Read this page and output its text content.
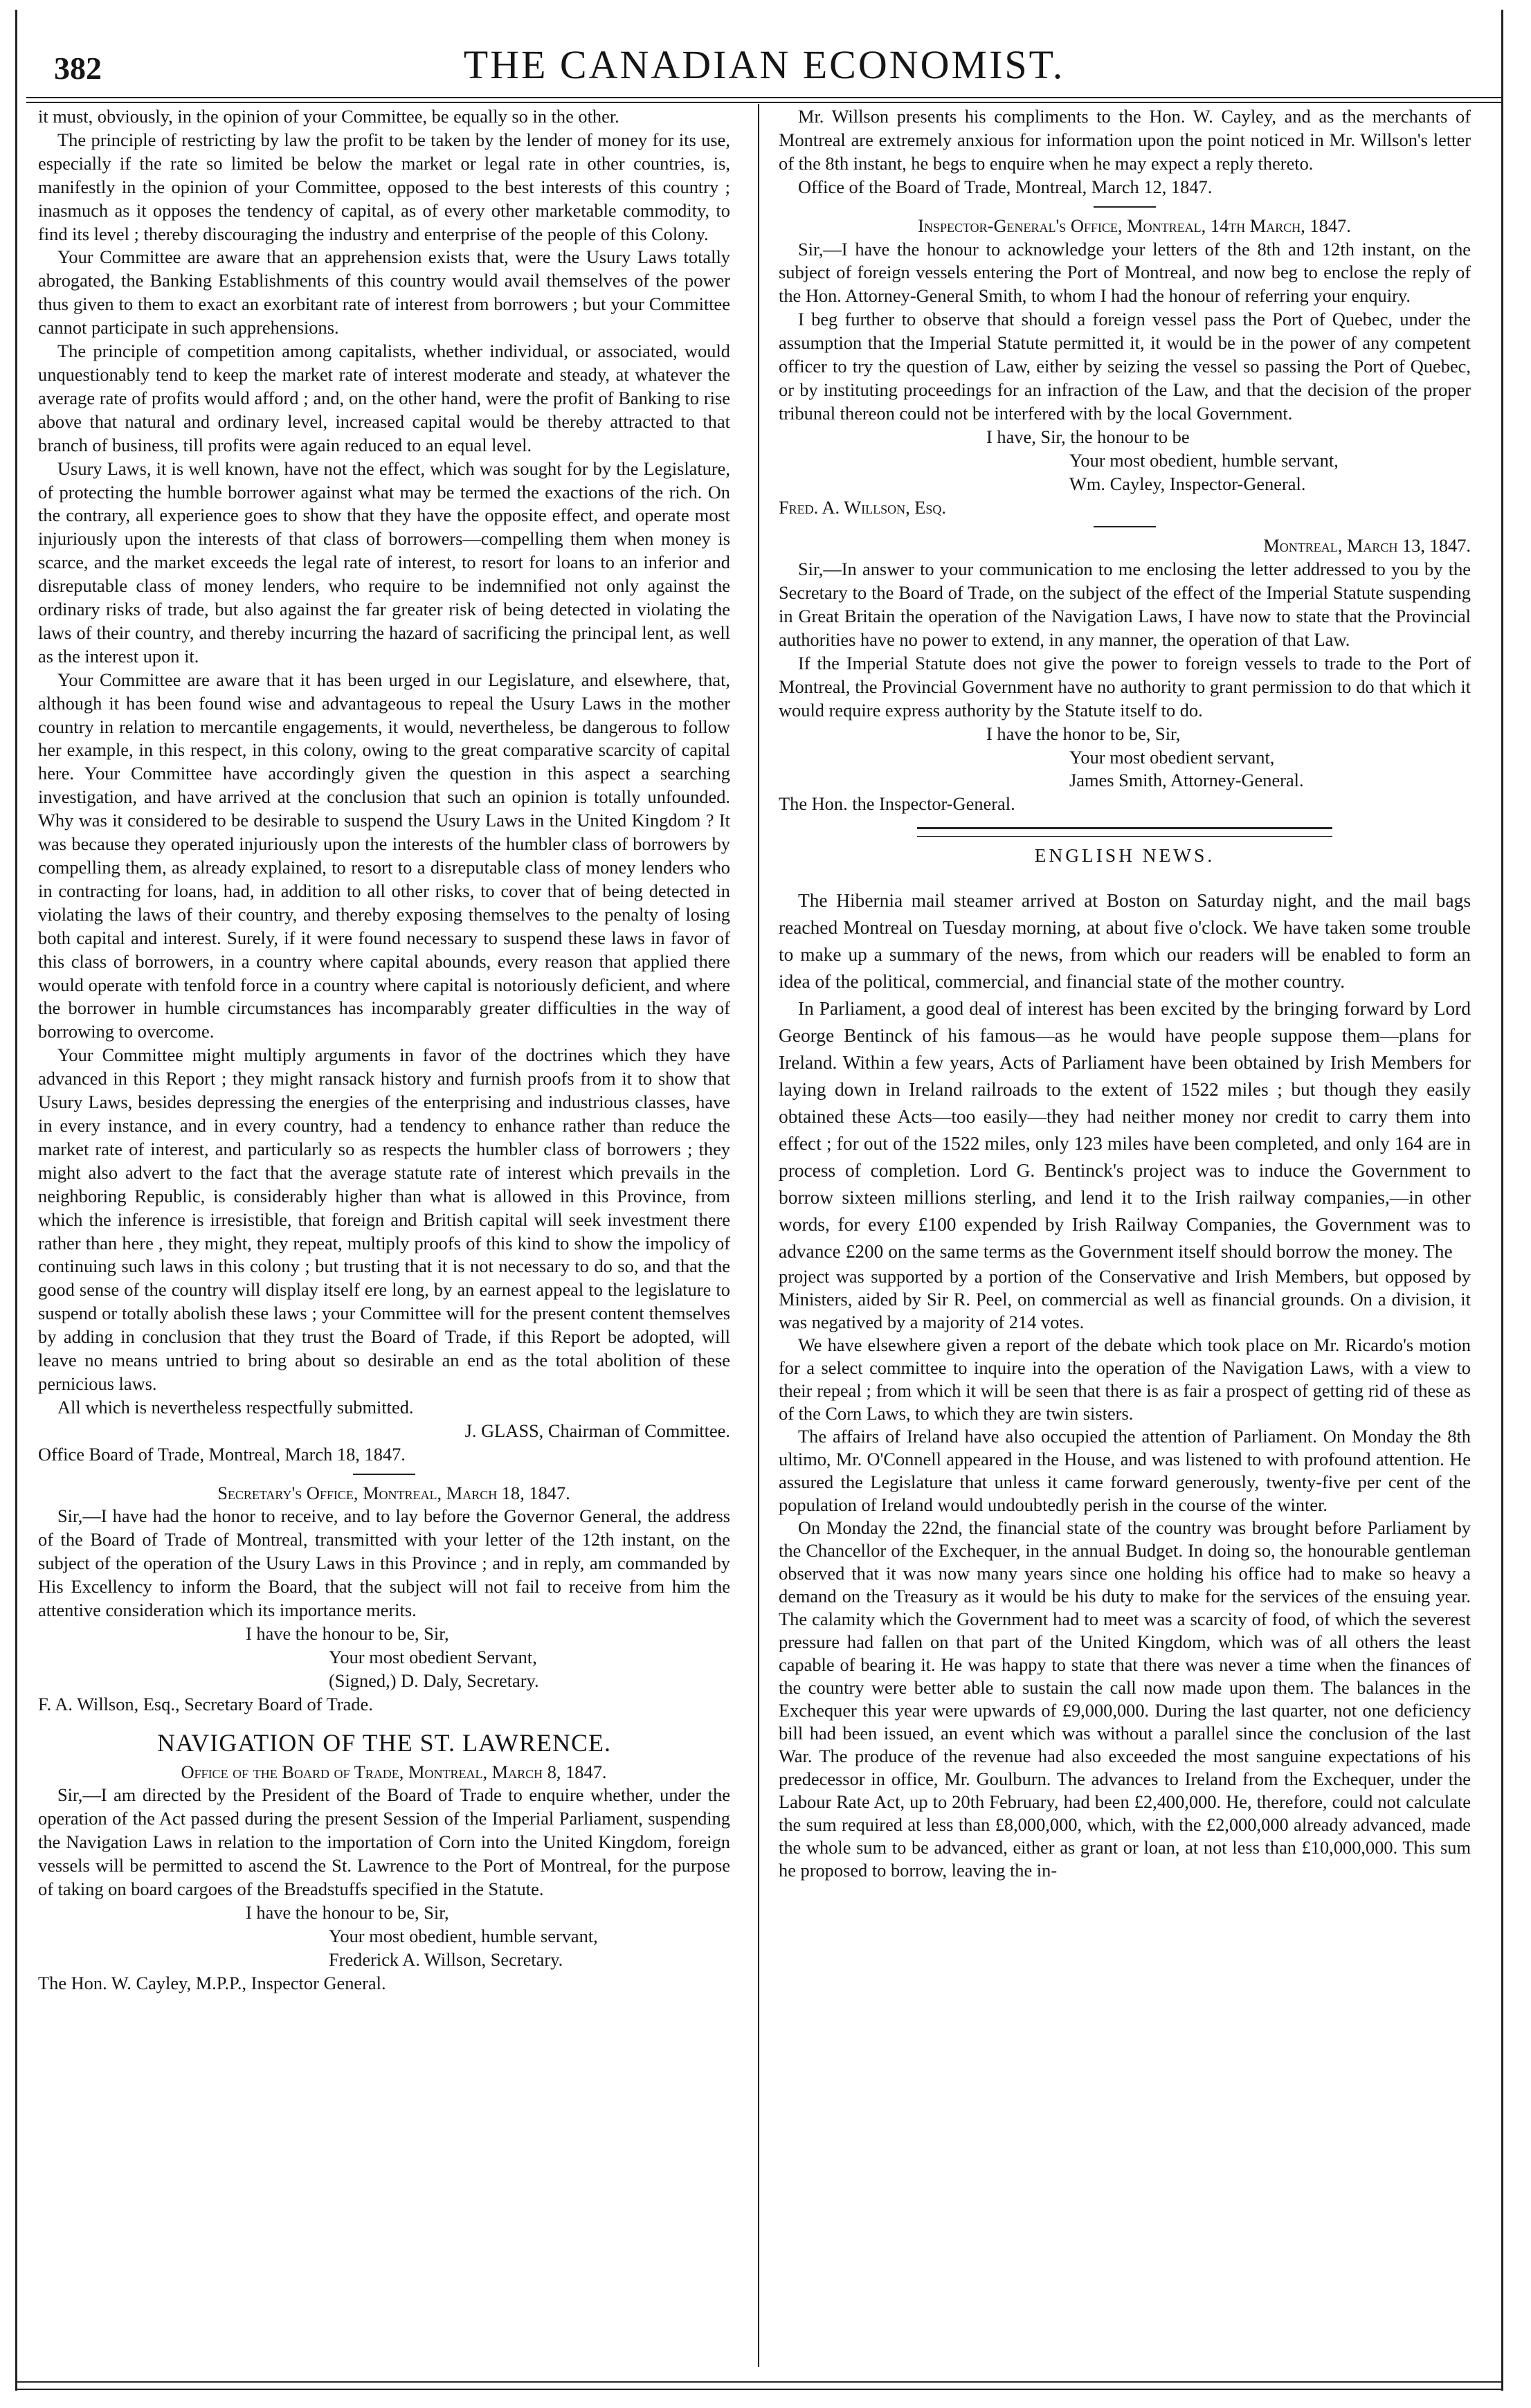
382	THE CANADIAN ECONOMIST.

it must, obviously, in the opinion of your Committee, be equally so in the other.

The principle of restricting by law the profit to be taken by the lender of money for its use, especially if the rate so limited be below the market or legal rate in other countries, is, manifestly in the opinion of your Committee, opposed to the best interests of this country ; inasmuch as it opposes the tendency of capital, as of every other marketable commodity, to find its level ; thereby discouraging the industry and enterprise of the people of this Colony.

Your Committee are aware that an apprehension exists that, were the Usury Laws totally abrogated, the Banking Establishments of this country would avail themselves of the power thus given to them to exact an exorbitant rate of interest from borrowers ; but your Committee cannot participate in such apprehensions.

The principle of competition among capitalists, whether individual, or associated, would unquestionably tend to keep the market rate of interest moderate and steady, at whatever the average rate of profits would afford ; and, on the other hand, were the profit of Banking to rise above that natural and ordinary level, increased capital would be thereby attracted to that branch of business, till profits were again reduced to an equal level.

Usury Laws, it is well known, have not the effect, which was sought for by the Legislature, of protecting the humble borrower against what may be termed the exactions of the rich. On the contrary, all experience goes to show that they have the opposite effect, and operate most injuriously upon the interests of that class of borrowers—compelling them when money is scarce, and the market exceeds the legal rate of interest, to resort for loans to an inferior and disreputable class of money lenders, who require to be indemnified not only against the ordinary risks of trade, but also against the far greater risk of being detected in violating the laws of their country, and thereby incurring the hazard of sacrificing the principal lent, as well as the interest upon it.

Your Committee are aware that it has been urged in our Legislature, and elsewhere, that, although it has been found wise and advantageous to repeal the Usury Laws in the mother country in relation to mercantile engagements, it would, nevertheless, be dangerous to follow her example, in this respect, in this colony, owing to the great comparative scarcity of capital here. Your Committee have accordingly given the question in this aspect a searching investigation, and have arrived at the conclusion that such an opinion is totally unfounded. Why was it considered to be desirable to suspend the Usury Laws in the United Kingdom ? It was because they operated injuriously upon the interests of the humbler class of borrowers by compelling them, as already explained, to resort to a disreputable class of money lenders who in contracting for loans, had, in addition to all other risks, to cover that of being detected in violating the laws of their country, and thereby exposing themselves to the penalty of losing both capital and interest. Surely, if it were found necessary to suspend these laws in favor of this class of borrowers, in a country where capital abounds, every reason that applied there would operate with tenfold force in a country where capital is notoriously deficient, and where the borrower in humble circumstances has incomparably greater difficulties in the way of borrowing to overcome.

Your Committee might multiply arguments in favor of the doctrines which they have advanced in this Report ; they might ransack history and furnish proofs from it to show that Usury Laws, besides depressing the energies of the enterprising and industrious classes, have in every instance, and in every country, had a tendency to enhance rather than reduce the market rate of interest, and particularly so as respects the humbler class of borrowers ; they might also advert to the fact that the average statute rate of interest which prevails in the neighboring Republic, is considerably higher than what is allowed in this Province, from which the inference is irresistible, that foreign and British capital will seek investment there rather than here , they might, they repeat, multiply proofs of this kind to show the impolicy of continuing such laws in this colony ; but trusting that it is not necessary to do so, and that the good sense of the country will display itself ere long, by an earnest appeal to the legislature to suspend or totally abolish these laws ; your Committee will for the present content themselves by adding in conclusion that they trust the Board of Trade, if this Report be adopted, will leave no means untried to bring about so desirable an end as the total abolition of these pernicious laws.

All which is nevertheless respectfully submitted.

J. GLASS, Chairman of Committee.

Office Board of Trade, Montreal, March 18, 1847.

Secretary's Office, Montreal, March 18, 1847.

Sir,—I have had the honor to receive, and to lay before the Governor General, the address of the Board of Trade of Montreal, transmitted with your letter of the 12th instant, on the subject of the operation of the Usury Laws in this Province ; and in reply, am commanded by His Excellency to inform the Board, that the subject will not fail to receive from him the attentive consideration which its importance merits.

I have the honour to be, Sir,

Your most obedient Servant,

(Signed,) D. Daly, Secretary.

F. A. Willson, Esq., Secretary Board of Trade.

NAVIGATION OF THE ST. LAWRENCE.

Office of the Board of Trade, Montreal, March 8, 1847.

Sir,—I am directed by the President of the Board of Trade to enquire whether, under the operation of the Act passed during the present Session of the Imperial Parliament, suspending the Navigation Laws in relation to the importation of Corn into the United Kingdom, foreign vessels will be permitted to ascend the St. Lawrence to the Port of Montreal, for the purpose of taking on board cargoes of the Breadstuffs specified in the Statute.

I have the honour to be, Sir,

Your most obedient, humble servant,

Frederick A. Willson, Secretary.

The Hon. W. Cayley, M.P.P., Inspector General.

Mr. Willson presents his compliments to the Hon. W. Cayley, and as the merchants of Montreal are extremely anxious for information upon the point noticed in Mr. Willson's letter of the 8th instant, he begs to enquire when he may expect a reply thereto.

Office of the Board of Trade, Montreal, March 12, 1847.

Inspector-General's Office, Montreal, 14th March, 1847.

Sir,—I have the honour to acknowledge your letters of the 8th and 12th instant, on the subject of foreign vessels entering the Port of Montreal, and now beg to enclose the reply of the Hon. Attorney-General Smith, to whom I had the honour of referring your enquiry.

I beg further to observe that should a foreign vessel pass the Port of Quebec, under the assumption that the Imperial Statute permitted it, it would be in the power of any competent officer to try the question of Law, either by seizing the vessel so passing the Port of Quebec, or by instituting proceedings for an infraction of the Law, and that the decision of the proper tribunal thereon could not be interfered with by the local Government.

I have, Sir, the honour to be

Your most obedient, humble servant,

Wm. Cayley, Inspector-General.

Fred. A. Willson, Esq.

Montreal, March 13, 1847.

Sir,—In answer to your communication to me enclosing the letter addressed to you by the Secretary to the Board of Trade, on the subject of the effect of the Imperial Statute suspending in Great Britain the operation of the Navigation Laws, I have now to state that the Provincial authorities have no power to extend, in any manner, the operation of that Law.

If the Imperial Statute does not give the power to foreign vessels to trade to the Port of Montreal, the Provincial Government have no authority to grant permission to do that which it would require express authority by the Statute itself to do.

I have the honor to be, Sir,

Your most obedient servant,

James Smith, Attorney-General.

The Hon. the Inspector-General.

ENGLISH NEWS.

The Hibernia mail steamer arrived at Boston on Saturday night, and the mail bags reached Montreal on Tuesday morning, at about five o'clock. We have taken some trouble to make up a summary of the news, from which our readers will be enabled to form an idea of the political, commercial, and financial state of the mother country.

In Parliament, a good deal of interest has been excited by the bringing forward by Lord George Bentinck of his famous—as he would have people suppose them—plans for Ireland. Within a few years, Acts of Parliament have been obtained by Irish Members for laying down in Ireland railroads to the extent of 1522 miles ; but though they easily obtained these Acts—too easily—they had neither money nor credit to carry them into effect ; for out of the 1522 miles, only 123 miles have been completed, and only 164 are in process of completion. Lord G. Bentinck's project was to induce the Government to borrow sixteen millions sterling, and lend it to the Irish railway companies,—in other words, for every £100 expended by Irish Railway Companies, the Government was to advance £200 on the same terms as the Government itself should borrow the money. The

project was supported by a portion of the Conservative and Irish Members, but opposed by Ministers, aided by Sir R. Peel, on commercial as well as financial grounds. On a division, it was negatived by a majority of 214 votes.

We have elsewhere given a report of the debate which took place on Mr. Ricardo's motion for a select committee to inquire into the operation of the Navigation Laws, with a view to their repeal ; from which it will be seen that there is as fair a prospect of getting rid of these as of the Corn Laws, to which they are twin sisters.

The affairs of Ireland have also occupied the attention of Parliament. On Monday the 8th ultimo, Mr. O'Connell appeared in the House, and was listened to with profound attention. He assured the Legislature that unless it came forward generously, twenty-five per cent of the population of Ireland would undoubtedly perish in the course of the winter.

On Monday the 22nd, the financial state of the country was brought before Parliament by the Chancellor of the Exchequer, in the annual Budget. In doing so, the honourable gentleman observed that it was now many years since one holding his office had to make so heavy a demand on the Treasury as it would be his duty to make for the services of the ensuing year. The calamity which the Government had to meet was a scarcity of food, of which the severest pressure had fallen on that part of the United Kingdom, which was of all others the least capable of bearing it. He was happy to state that there was never a time when the finances of the country were better able to sustain the call now made upon them. The balances in the Exchequer this year were upwards of £9,000,000. During the last quarter, not one deficiency bill had been issued, an event which was without a parallel since the conclusion of the last War. The produce of the revenue had also exceeded the most sanguine expectations of his predecessor in office, Mr. Goulburn. The advances to Ireland from the Exchequer, under the Labour Rate Act, up to 20th February, had been £2,400,000. He, therefore, could not calculate the sum required at less than £8,000,000, which, with the £2,000,000 already advanced, made the whole sum to be advanced, either as grant or loan, at not less than £10,000,000. This sum he proposed to borrow, leaving the in-
